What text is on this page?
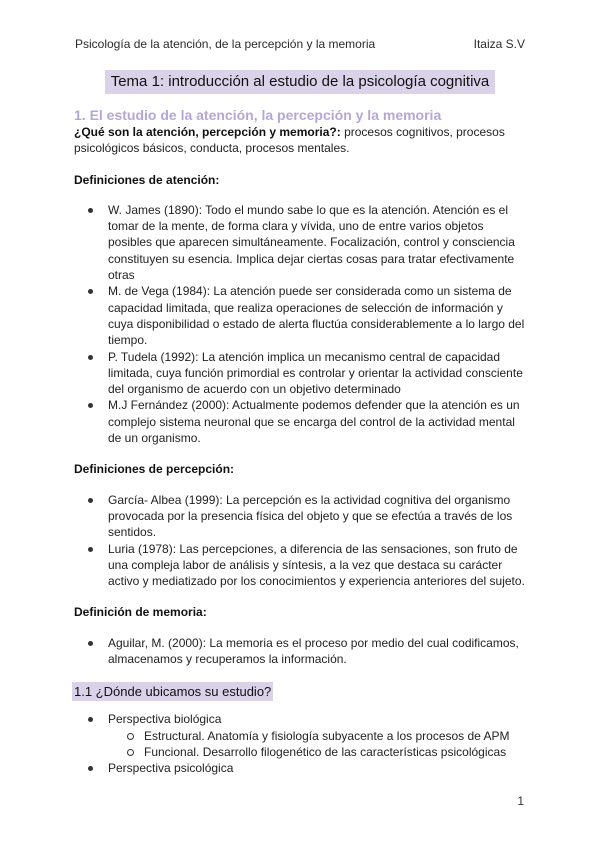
Psicología de la atención, de la percepción y la memoria	Itaiza S.V
Tema 1: introducción al estudio de la psicología cognitiva

1. El estudio de la atención, la percepción y la memoria

¿Qué son la atención, percepción y memoria?: procesos cognitivos, procesos psicológicos básicos, conducta, procesos mentales.

Definiciones de atención:

W. James (1890): Todo el mundo sabe lo que es la atención. Atención es el tomar de la mente, de forma clara y vívida, uno de entre varios objetos posibles que aparecen simultáneamente. Focalización, control y consciencia constituyen su esencia. Implica dejar ciertas cosas para tratar efectivamente otras
M. de Vega (1984): La atención puede ser considerada como un sistema de capacidad limitada, que realiza operaciones de selección de información y cuya disponibilidad o estado de alerta fluctúa considerablemente a lo largo del tiempo.
P. Tudela (1992): La atención implica un mecanismo central de capacidad limitada, cuya función primordial es controlar y orientar la actividad consciente del organismo de acuerdo con un objetivo determinado
M.J Fernández (2000): Actualmente podemos defender que la atención es un complejo sistema neuronal que se encarga del control de la actividad mental de un organismo.

Definiciones de percepción:

García- Albea (1999): La percepción es la actividad cognitiva del organismo provocada por la presencia física del objeto y que se efectúa a través de los sentidos.
Luria (1978): Las percepciones, a diferencia de las sensaciones, son fruto de una compleja labor de análisis y síntesis, a la vez que destaca su carácter activo y mediatizado por los conocimientos y experiencia anteriores del sujeto.

Definición de memoria:

Aguilar, M. (2000): La memoria es el proceso por medio del cual codificamos, almacenamos y recuperamos la información.
1.1 ¿Dónde ubicamos su estudio?
Perspectiva biológica
Estructural. Anatomía y fisiología subyacente a los procesos de APM
Funcional. Desarrollo filogenético de las características psicológicas
Perspectiva psicológica
1
